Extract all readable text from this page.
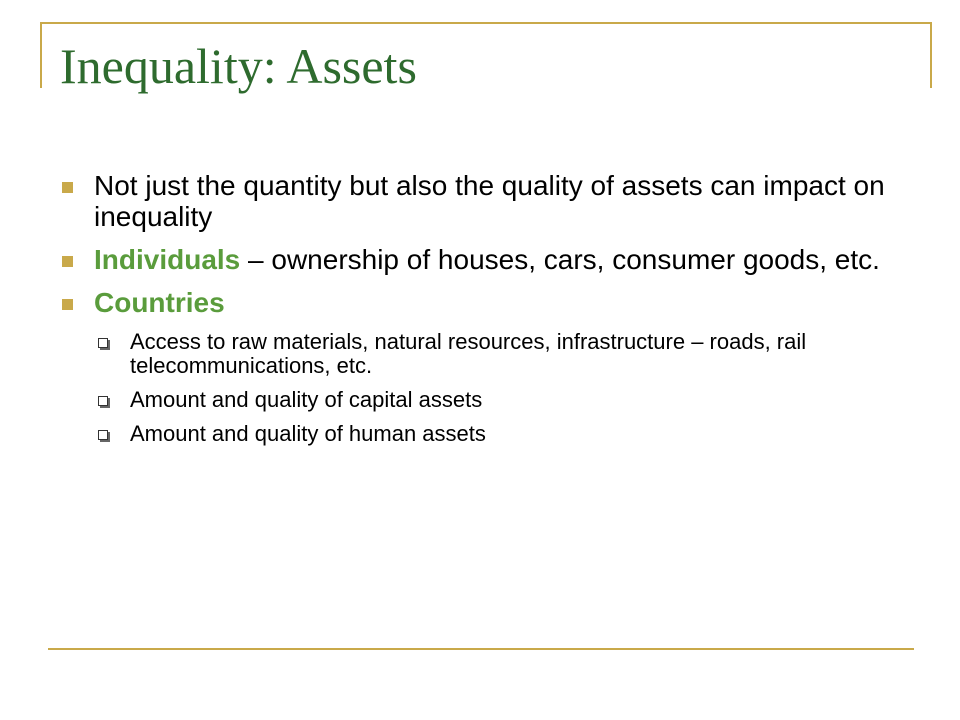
Inequality: Assets
Not just the quantity but also the quality of assets can impact on inequality
Individuals – ownership of houses, cars, consumer goods, etc.
Countries
Access to raw materials, natural resources, infrastructure – roads, rail telecommunications, etc.
Amount and quality of capital assets
Amount and quality of human assets
